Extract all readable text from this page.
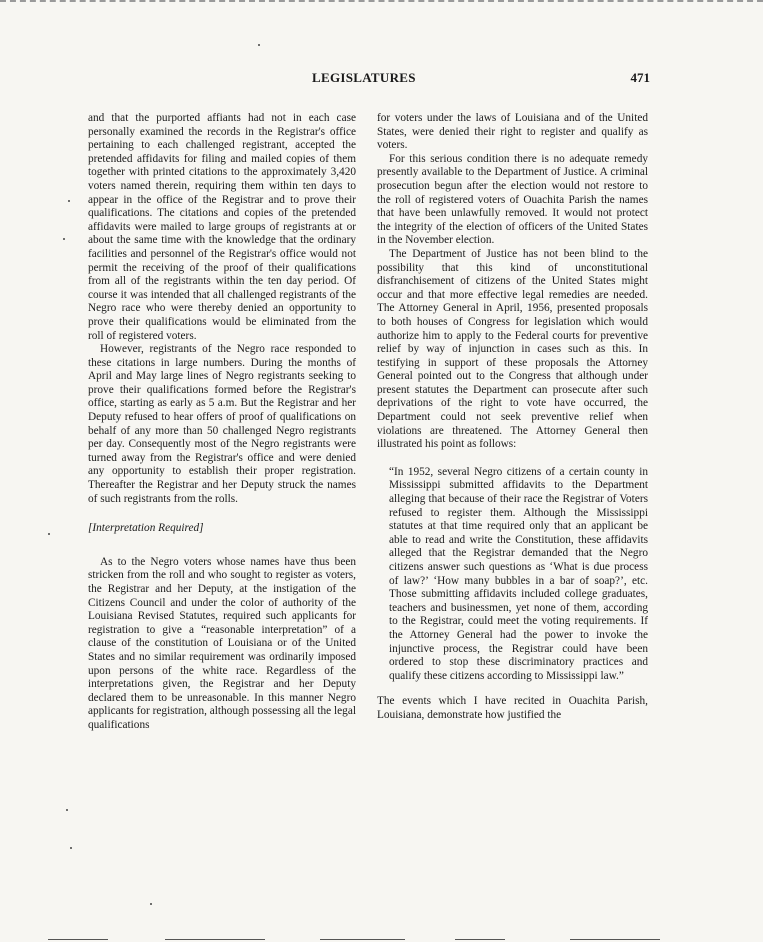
LEGISLATURES	471

and that the purported affiants had not in each case personally examined the records in the Registrar's office pertaining to each challenged registrant, accepted the pretended affidavits for filing and mailed copies of them together with printed citations to the approximately 3,420 voters named therein, requiring them within ten days to appear in the office of the Registrar and to prove their qualifications. The citations and copies of the pretended affidavits were mailed to large groups of registrants at or about the same time with the knowledge that the ordinary facilities and personnel of the Registrar's office would not permit the receiving of the proof of their qualifications from all of the registrants within the ten day period. Of course it was intended that all challenged registrants of the Negro race who were thereby denied an opportunity to prove their qualifications would be eliminated from the roll of registered voters.

However, registrants of the Negro race responded to these citations in large numbers. During the months of April and May large lines of Negro registrants seeking to prove their qualifications formed before the Registrar's office, starting as early as 5 a.m. But the Registrar and her Deputy refused to hear offers of proof of qualifications on behalf of any more than 50 challenged Negro registrants per day. Consequently most of the Negro registrants were turned away from the Registrar's office and were denied any opportunity to establish their proper registration. Thereafter the Registrar and her Deputy struck the names of such registrants from the rolls.

[Interpretation Required]

As to the Negro voters whose names have thus been stricken from the roll and who sought to register as voters, the Registrar and her Deputy, at the instigation of the Citizens Council and under the color of authority of the Louisiana Revised Statutes, required such applicants for registration to give a “reasonable interpretation” of a clause of the constitution of Louisiana or of the United States and no similar requirement was ordinarily imposed upon persons of the white race. Regardless of the interpretations given, the Registrar and her Deputy declared them to be unreasonable. In this manner Negro applicants for registration, although possessing all the legal qualifications

for voters under the laws of Louisiana and of the United States, were denied their right to register and qualify as voters.

For this serious condition there is no adequate remedy presently available to the Department of Justice. A criminal prosecution begun after the election would not restore to the roll of registered voters of Ouachita Parish the names that have been unlawfully removed. It would not protect the integrity of the election of officers of the United States in the November election.

The Department of Justice has not been blind to the possibility that this kind of unconstitutional disfranchisement of citizens of the United States might occur and that more effective legal remedies are needed. The Attorney General in April, 1956, presented proposals to both houses of Congress for legislation which would authorize him to apply to the Federal courts for preventive relief by way of injunction in cases such as this. In testifying in support of these proposals the Attorney General pointed out to the Congress that although under present statutes the Department can prosecute after such deprivations of the right to vote have occurred, the Department could not seek preventive relief when violations are threatened. The Attorney General then illustrated his point as follows:

“In 1952, several Negro citizens of a certain county in Mississippi submitted affidavits to the Department alleging that because of their race the Registrar of Voters refused to register them. Although the Mississippi statutes at that time required only that an applicant be able to read and write the Constitution, these affidavits alleged that the Registrar demanded that the Negro citizens answer such questions as ‘What is due process of law?’ ‘How many bubbles in a bar of soap?’, etc. Those submitting affidavits included college graduates, teachers and businessmen, yet none of them, according to the Registrar, could meet the voting requirements. If the Attorney General had the power to invoke the injunctive process, the Registrar could have been ordered to stop these discriminatory practices and qualify these citizens according to Mississippi law.”

The events which I have recited in Ouachita Parish, Louisiana, demonstrate how justified the
